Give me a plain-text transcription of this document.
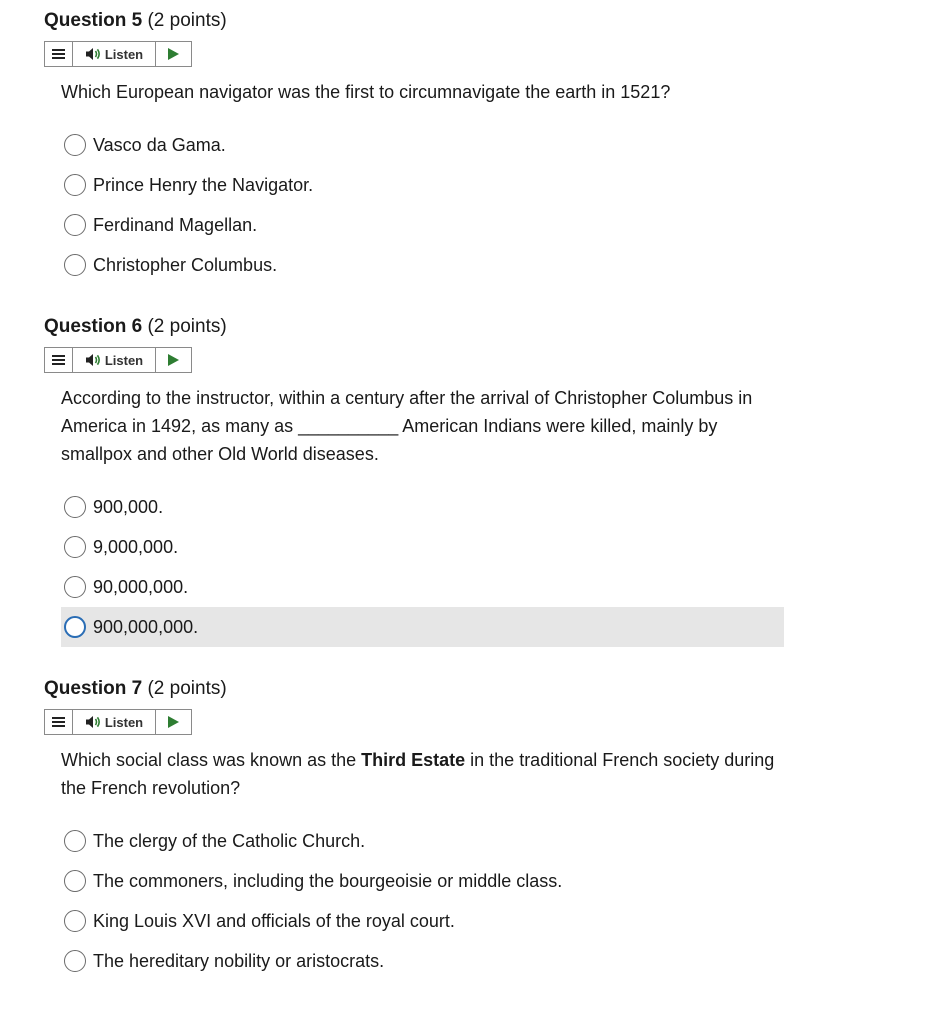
Question 5 (2 points)

Listen

Which European navigator was the first to circumnavigate the earth in 1521?

Vasco da Gama.
Prince Henry the Navigator.
Ferdinand Magellan.
Christopher Columbus.

Question 6 (2 points)

Listen

According to the instructor, within a century after the arrival of Christopher Columbus in America in 1492, as many as __________ American Indians were killed, mainly by smallpox and other Old World diseases.

900,000.
9,000,000.
90,000,000.
900,000,000.

Question 7 (2 points)

Listen

Which social class was known as the Third Estate in the traditional French society during the French revolution?

The clergy of the Catholic Church.
The commoners, including the bourgeoisie or middle class.
King Louis XVI and officials of the royal court.
The hereditary nobility or aristocrats.
